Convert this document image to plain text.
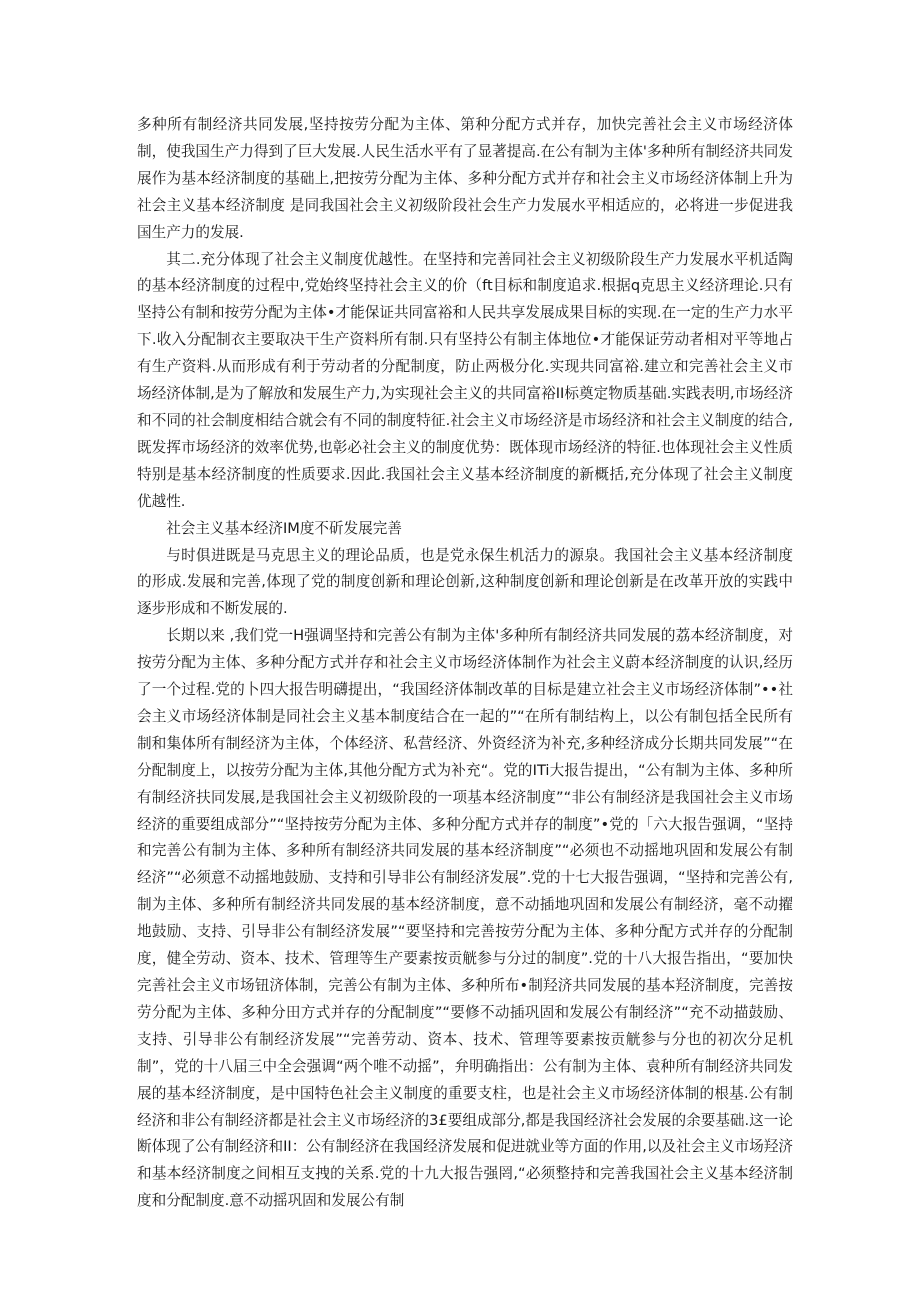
多种所有制经济共同发展,坚持按劳分配为主体、第种分配方式并存，加快完善社会主义市场经济体制，使我国生产力得到了巨大发展.人民生活水平有了显著提高.在公有制为主体'多种所有制经济共同发展作为基本经济制度的基础上,把按劳分配为主体、多种分配方式并存和社会主义市场经济体制上升为社会主义基本经济制度 是同我国社会主义初级阶段社会生产力发展水平相适应的，必将进一步促进我国生产力的发展.

其二.充分体现了社会主义制度优越性。在坚持和完善同社会主义初级阶段生产力发展水平机适陶的基本经济制度的过程中,党始终坚持社会主义的价（ft目标和制度追求.根据q克思主义经济理论.只有坚持公有制和按劳分配为主体•才能保证共同富裕和人民共享发展成果目标的实现.在一定的生产力水平下.收入分配制衣主要取决干生产资料所有制.只有坚持公有制主体地位•才能保证劳动者相对平等地占有生产资料.从而形成有利于劳动者的分配制度，防止两极分化.实现共同富裕.建立和完善社会主义市场经济体制,是为了解放和发展生产力,为实现社会主义的共同富裕II标奠定物质基础.实践表明,市场经济和不同的社会制度相结合就会有不同的制度特征.社会主义市场经济是市场经济和社会主义制度的结合,既发挥市场经济的效率优势,也彰必社会主义的制度优势：既体现市场经济的特征.也体现社会主义性质特别是基本经济制度的性质要求.因此.我国社会主义基本经济制度的新概括,充分体现了社会主义制度优越性.

社会主义基本经济IM度不斫发展完善

与时俱进既是马克思主义的理论品质，也是党永保生机活力的源泉。我国社会主义基本经济制度的形成.发展和完善,体现了党的制度创新和理论创新,这种制度创新和理论创新是在改革开放的实践中逐步形成和不断发展的.

长期以来 ,我们党一H强调坚持和完善公有制为主体'多种所有制经济共同发展的荔本经济制度，对按劳分配为主体、多种分配方式并存和社会主义市场经济体制作为社会主义蔚本经济制度的认识,经历了一个过程.党的卜四大报告明礴提出，“我国经济体制改革的目标是建立社会主义市场经济体制”••社会主义市场经济体制是同社会主义基本制度结合在一起的”“在所有制结构上，以公有制包括全民所有制和集体所有制经济为主体，个体经济、私营经济、外资经济为补充,多种经济成分长期共同发展”“在分配制度上，以按劳分配为主体,其他分配方式为补充“。党的ITi大报告提出，“公有制为主体、多种所有制经济扶同发展,是我国社会主义初级阶段的一项基本经济制度”“非公有制经济是我国社会主义市场经济的重要组成部分”“坚持按劳分配为主体、多种分配方式并存的制度”•党的「六大报告强调，“坚持和完善公有制为主体、多种所有制经济共同发展的基本经济制度”“必须也不动摇地巩固和发展公有制经济”“必须意不动摇地鼓励、支持和引导非公有制经济发展”.党的十七大报告强调，“坚持和完善公有,制为主体、多种所有制经济共同发展的基本经济制度，意不动插地巩固和发展公有制经济，毫不动擢地鼓励、支持、引导非公有制经济发展”“要坚持和完善按劳分配为主体、多种分配方式并存的分配制度，健全劳动、资本、技术、管理等生产要素按贡觥参与分过的制度”.党的十八大报告指出，“要加快完善社会主义市场钮济体制，完善公有制为主体、多种所布•制羟济共同发展的基本羟济制度，完善按劳分配为主体、多种分田方式并存的分配制度”“要修不动插巩固和发展公有制经济”“充不动描鼓励、支持、引导非公有制经济发展”“完善劳动、资本、技术、管理等要素按贡觥参与分也的初次分足机制”，党的十八届三中全会强调“两个唯不动摇”，弁明确指出：公有制为主体、袁种所有制经济共同发展的基本经济制度，是中国特色社会主义制度的重要支柱，也是社会主义市场经济体制的根基.公有制经济和非公有制经济都是社会主义市场经济的3£要组成部分,都是我国经济社会发展的余要基础.这一论断体现了公有制经济和II：公有制经济在我国经济发展和促进就业等方面的作用,以及社会主义市场羟济和基本经济制度之间相互支拽的关系.党的十九大报告强罔,“必须整持和完善我国社会主义基本经济制度和分配制度.意不动摇巩固和发展公有制
